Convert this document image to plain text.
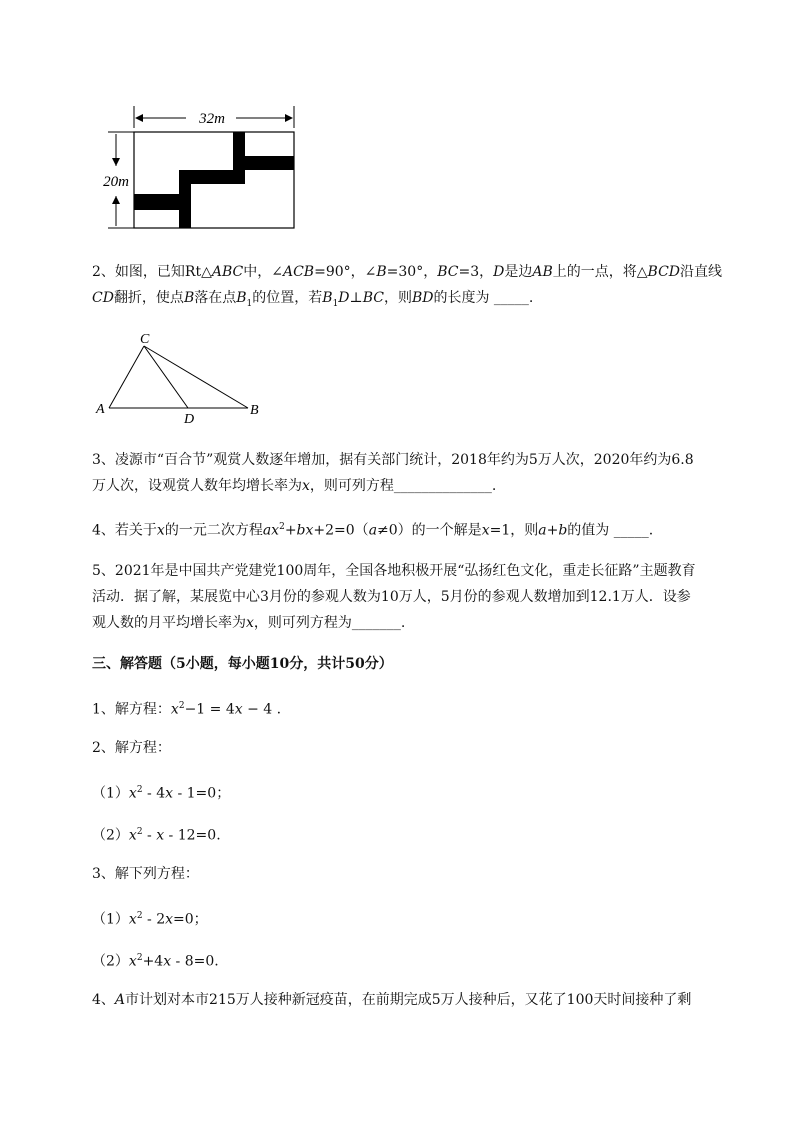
32m
20m
2、如图，已知Rt△ABC中，∠ACB=90°，∠B=30°，BC=3，D是边AB上的一点，将△BCD沿直线
CD翻折，使点B落在点$B_1$的位置，若$B_1D\perp BC$，则BD的长度为 _____.
C
A
D
B
3、凌源市“百合节”观赏人数逐年增加，据有关部门统计，2018年约为5万人次，2020年约为6.8
万人次，设观赏人数年均增长率为x，则可列方程______________.
4、若关于x的一元二次方程$ax^2+bx+2=0(a\ne 0)$的一个解是x=1，则a+b的值为 _____.
5、2021年是中国共产党建党100周年，全国各地积极开展“弘扬红色文化，重走长征路”主题教育
活动．据了解，某展览中心3月份的参观人数为10万人，5月份的参观人数增加到12.1万人．设参
观人数的月平均增长率为x，则可列方程为_______.
三、解答题（5小题，每小题10分，共计50分）
1、解方程：$x^2-1 = 4x - 4$ .
2、解方程：
$(1)x^2 - 4x - 1=0$；
$(2)x^2 - x - 12=0$.
3、解下列方程：
$(1)x^2 - 2x=0$；
$(2)x^2+4x - 8=0$.
4、A市计划对本市215万人接种新冠疫苗，在前期完成5万人接种后，又花了100天时间接种了剩
